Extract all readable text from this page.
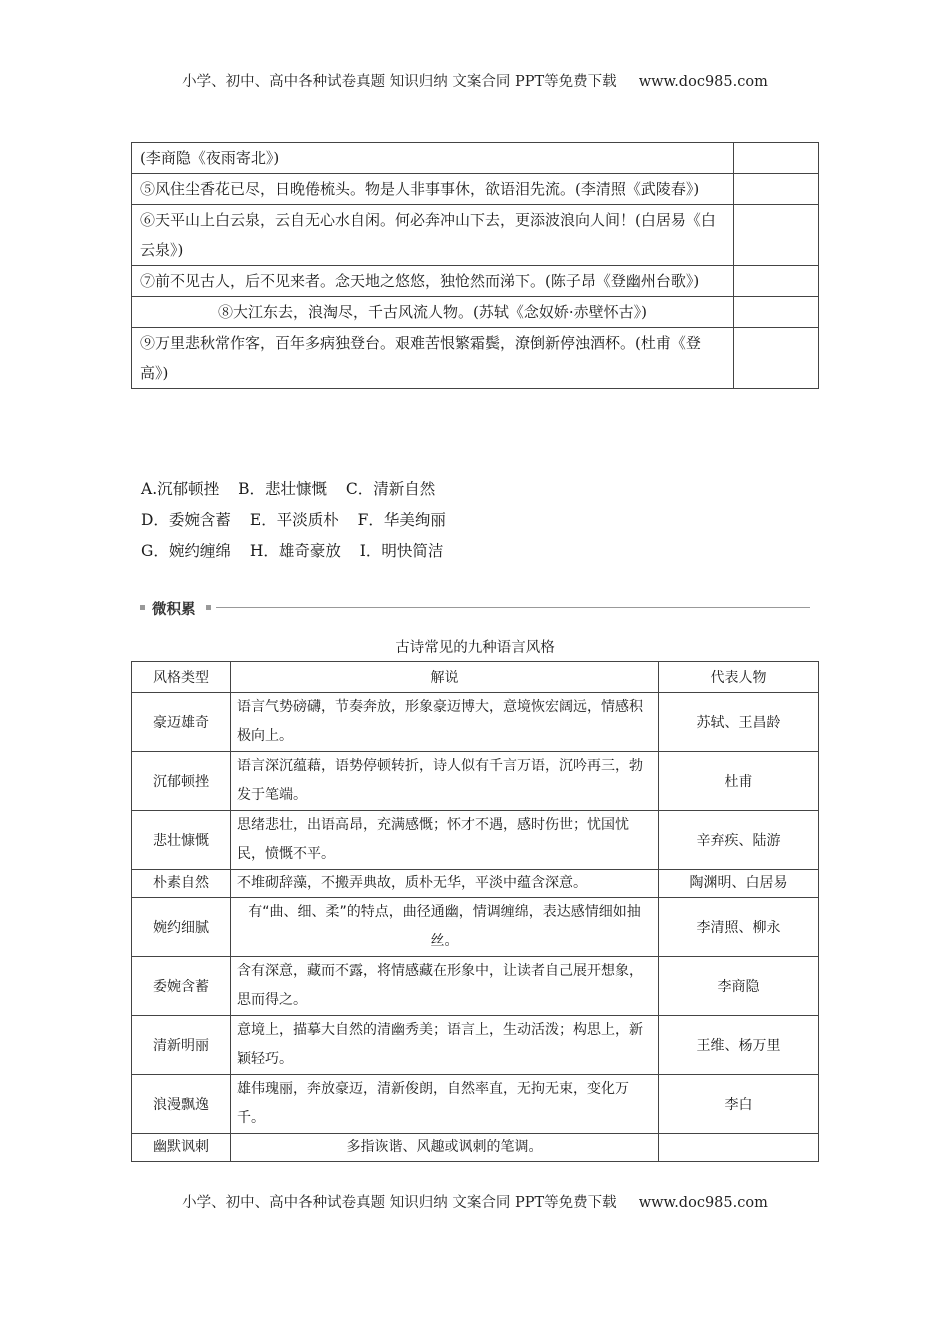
小学、初中、高中各种试卷真题 知识归纳 文案合同 PPT等免费下载 www.doc985.com
(李商隐《夜雨寄北》)	
⑤风住尘香花已尽，日晚倦梳头。物是人非事事休，欲语泪先流。(李清照《武陵春》)	
⑥天平山上白云泉，云自无心水自闲。何必奔冲山下去，更添波浪向人间！(白居易《白云泉》)	
⑦前不见古人，后不见来者。念天地之悠悠，独怆然而涕下。(陈子昂《登幽州台歌》)	
⑧大江东去，浪淘尽，千古风流人物。(苏轼《念奴娇·赤壁怀古》)	
⑨万里悲秋常作客，百年多病独登台。艰难苦恨繁霜鬓，潦倒新停浊酒杯。(杜甫《登高》)	
A.沉郁顿挫 B．悲壮慷慨 C．清新自然
D．委婉含蓄 E．平淡质朴 F．华美绚丽
G．婉约缠绵 H．雄奇豪放 I．明快简洁
微积累
古诗常见的九种语言风格
风格类型	解说	代表人物
豪迈雄奇	语言气势磅礴，节奏奔放，形象豪迈博大，意境恢宏阔远，情感积极向上。	苏轼、王昌龄
沉郁顿挫	语言深沉蕴藉，语势停顿转折，诗人似有千言万语，沉吟再三，勃发于笔端。	杜甫
悲壮慷慨	思绪悲壮，出语高昂，充满感慨；怀才不遇，感时伤世；忧国忧民，愤慨不平。	辛弃疾、陆游
朴素自然	不堆砌辞藻，不搬弄典故，质朴无华，平淡中蕴含深意。	陶渊明、白居易
婉约细腻	有“曲、细、柔”的特点，曲径通幽，情调缠绵，表达感情细如抽丝。	李清照、柳永
委婉含蓄	含有深意，藏而不露，将情感藏在形象中，让读者自己展开想象，思而得之。	李商隐
清新明丽	意境上，描摹大自然的清幽秀美；语言上，生动活泼；构思上，新颖轻巧。	王维、杨万里
浪漫飘逸	雄伟瑰丽，奔放豪迈，清新俊朗，自然率直，无拘无束，变化万千。	李白
幽默讽刺	多指诙谐、风趣或讽刺的笔调。	
小学、初中、高中各种试卷真题 知识归纳 文案合同 PPT等免费下载 www.doc985.com
